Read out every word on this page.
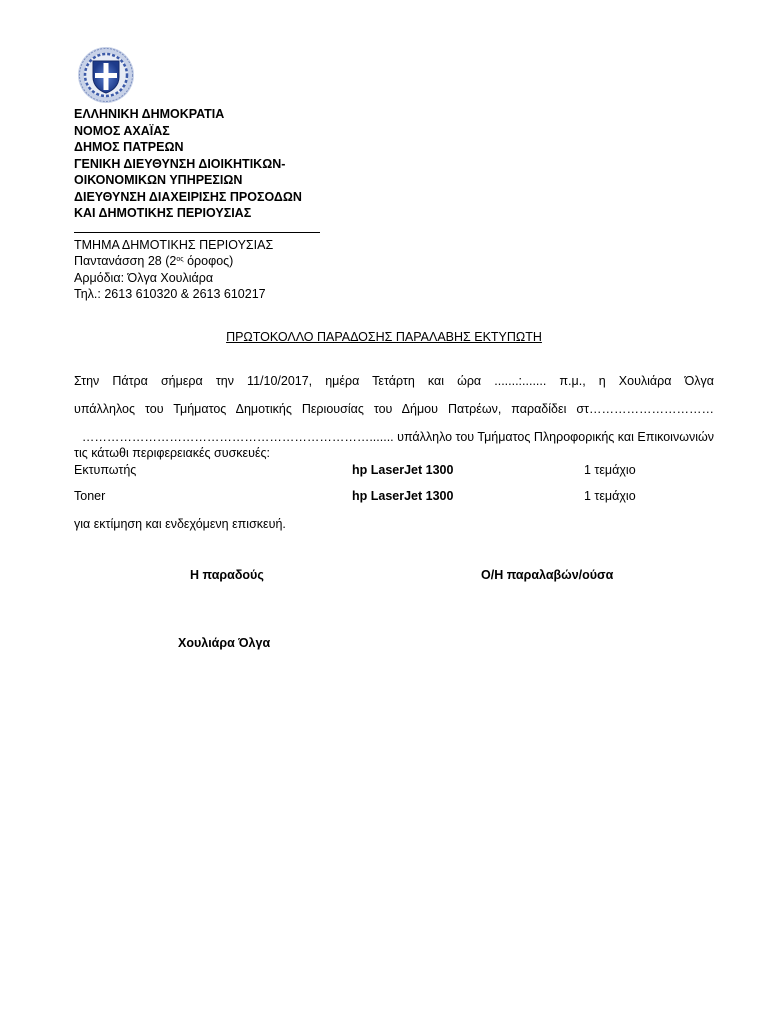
ΕΛΛΗΝΙΚΗ ΔΗΜΟΚΡΑΤΙΑ
ΝΟΜΟΣ ΑΧΑΪΑΣ
ΔΗΜΟΣ ΠΑΤΡΕΩΝ
ΓΕΝΙΚΗ ΔΙΕΥΘΥΝΣΗ ΔΙΟΙΚΗΤΙΚΩΝ-
ΟΙΚΟΝΟΜΙΚΩΝ ΥΠΗΡΕΣΙΩΝ
ΔΙΕΥΘΥΝΣΗ ΔΙΑΧΕΙΡΙΣΗΣ ΠΡΟΣΟΔΩΝ
ΚΑΙ ΔΗΜΟΤΙΚΗΣ ΠΕΡΙΟΥΣΙΑΣ
ΤΜΗΜΑ ΔΗΜΟΤΙΚΗΣ ΠΕΡΙΟΥΣΙΑΣ
Παντανάσση 28 ($2^{o\varsigma}$ όροφος)
Αρμόδια: Όλγα Χουλιάρα
Τηλ.: 2613 610320 & 2613 610217
ΠΡΩΤΟΚΟΛΛΟ ΠΑΡΑΔΟΣΗΣ ΠΑΡΑΛΑΒΗΣ ΕΚΤΥΠΩΤΗ
Στην Πάτρα σήμερα την 11/10/2017, ημέρα Τετάρτη και ώρα .......:....... π.μ., η Χουλιάρα Όλγα
υπάλληλος του Τμήματος Δημοτικής Περιουσίας του Δήμου Πατρέων, παραδίδει στ…………………………
……………………………………………………………....... υπάλληλο του Τμήματος Πληροφορικής και Επικοινωνιών
τις κάτωθι περιφερειακές συσκευές:
Εκτυπωτής	hp LaserJet 1300	1 τεμάχιο
Toner	hp LaserJet 1300	1 τεμάχιο
για εκτίμηση και ενδεχόμενη επισκευή.
Η παραδούς	Ο/Η παραλαβών/ούσα
Χουλιάρα Όλγα
